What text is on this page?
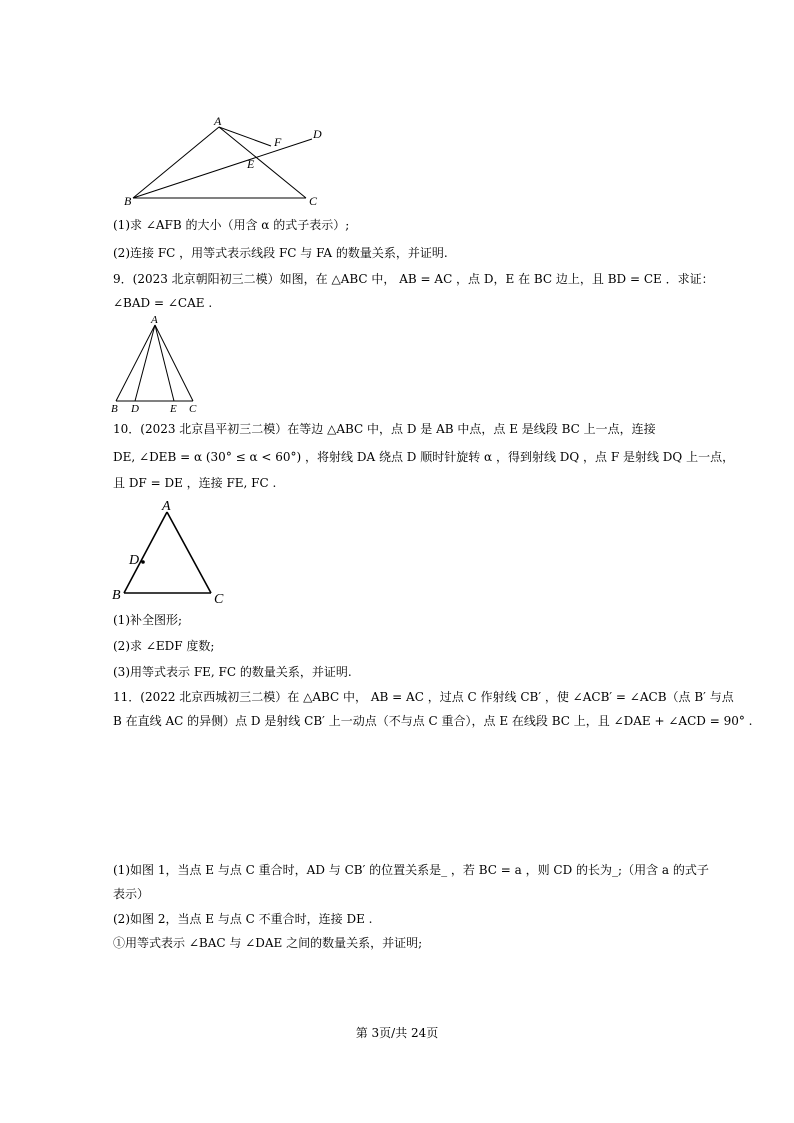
A
B	C
D
E
F
(1)求 ∠AFB 的大小（用含 α 的式子表示）;
(2)连接 FC ，用等式表示线段 FC 与 FA 的数量关系，并证明.
9．(2023 北京朝阳初三二模）如图，在 △ABC 中， AB = AC ，点 D，E 在 BC 边上，且 BD = CE ．求证：
∠BAD = ∠CAE .
A
B D	E C
10．(2023 北京昌平初三二模）在等边 △ABC 中，点 D 是 AB 中点，点 E 是线段 BC 上一点，连接
DE, ∠DEB = α (30° ≤ α < 60°) ，将射线 DA 绕点 D 顺时针旋转 α ，得到射线 DQ ，点 F 是射线 DQ 上一点，
且 DF = DE ，连接 FE, FC .
A
B	C
D
(1)补全图形;
(2)求 ∠EDF 度数;
(3)用等式表示 FE, FC 的数量关系，并证明.
11．(2022 北京西城初三二模）在 △ABC 中， AB = AC ，过点 C 作射线 CB′ ，使 ∠ACB′ = ∠ACB（点 B′ 与点
B 在直线 AC 的异侧）点 D 是射线 CB′ 上一动点（不与点 C 重合），点 E 在线段 BC 上，且 ∠DAE + ∠ACD = 90° .
(1)如图 1，当点 E 与点 C 重合时，AD 与 CB′ 的位置关系是_ ，若 BC = a ，则 CD 的长为_;（用含 a 的式子
表示）
(2)如图 2，当点 E 与点 C 不重合时，连接 DE .
①用等式表示 ∠BAC 与 ∠DAE 之间的数量关系，并证明;
第 3页/共 24页
